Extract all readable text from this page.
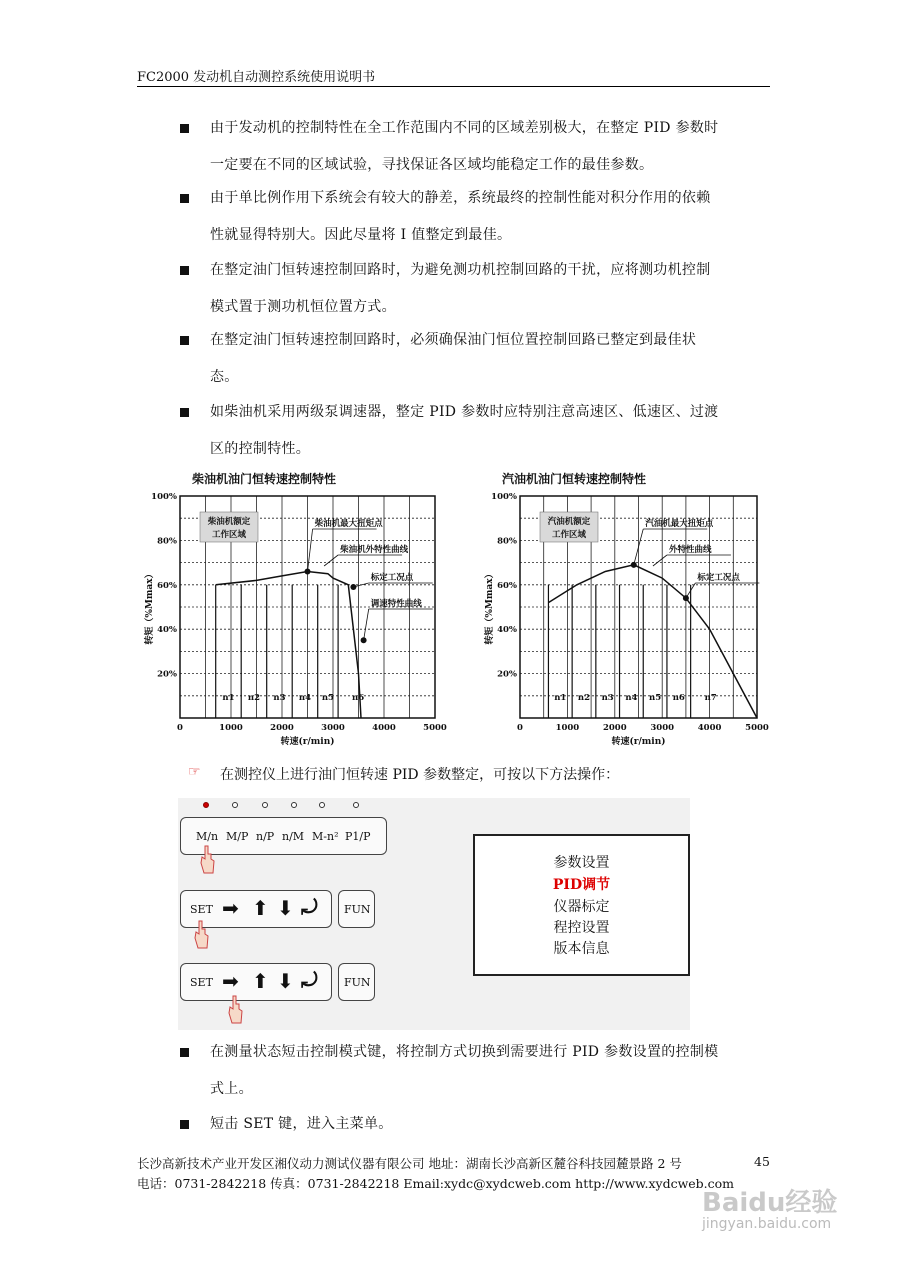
FC2000 发动机自动测控系统使用说明书
由于发动机的控制特性在全工作范围内不同的区域差别极大，在整定 PID 参数时
一定要在不同的区域试验，寻找保证各区域均能稳定工作的最佳参数。
由于单比例作用下系统会有较大的静差，系统最终的控制性能对积分作用的依赖
性就显得特别大。因此尽量将 I 值整定到最佳。
在整定油门恒转速控制回路时，为避免测功机控制回路的干扰，应将测功机控制
模式置于测功机恒位置方式。
在整定油门恒转速控制回路时，必须确保油门恒位置控制回路已整定到最佳状
态。
如柴油机采用两级泵调速器，整定 PID 参数时应特别注意高速区、低速区、过渡
区的控制特性。
柴油机油门恒转速控制特性
20%
40%
60%
80%
100%
0	1000	2000	3000	4000	5000
转速(r/min)
转矩（%Mmax）
n1 n2 n3 n4 n5 n6
柴油机额定
工作区域
柴油机最大扭矩点
柴油机外特性曲线
标定工况点
调速特性曲线
汽油机油门恒转速控制特性
20%
40%
60%
80%
100%
0	1000	2000	3000	4000	5000
转速(r/min)
转矩（%Mmax）
n1 n2 n3 n4 n5 n6 n7
汽油机额定
工作区域
汽油机最大扭矩点
外特性曲线
标定工况点
☞ 在测控仪上进行油门恒转速 PID 参数整定，可按以下方法操作：
M/n M/P n/P n/M M-n² P1/P
SET ➡ ⬆ ⬇ ⤾ FUN
SET ➡ ⬆ ⬇ ⤾ FUN
参数设置
PID调节
仪器标定
程控设置
版本信息
在测量状态短击控制模式键，将控制方式切换到需要进行 PID 参数设置的控制模
式上。
短击 SET 键，进入主菜单。
长沙高新技术产业开发区湘仪动力测试仪器有限公司 地址：湖南长沙高新区麓谷科技园麓景路 2 号	45
电话：0731-2842218 传真：0731-2842218 Email:xydc@xydcweb.com http://www.xydcweb.com
Baidu经验
jingyan.baidu.com
